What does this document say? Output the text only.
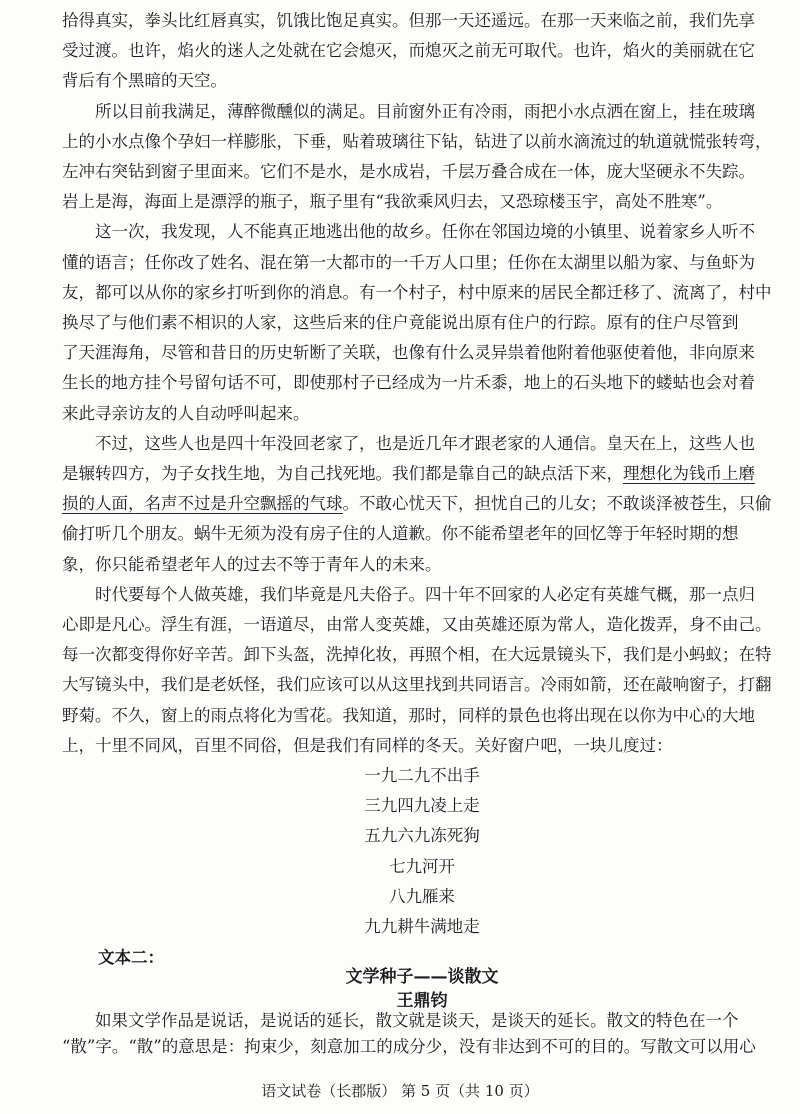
拾得真实，拳头比红唇真实，饥饿比饱足真实。但那一天还遥远。在那一天来临之前，我们先享
受过渡。也许，焰火的迷人之处就在它会熄灭，而熄灭之前无可取代。也许，焰火的美丽就在它
背后有个黑暗的天空。
所以目前我满足，薄醉微醺似的满足。目前窗外正有冷雨，雨把小水点洒在窗上，挂在玻璃
上的小水点像个孕妇一样膨胀，下垂，贴着玻璃往下钻，钻进了以前水滴流过的轨道就慌张转弯，
左冲右突钻到窗子里面来。它们不是水，是水成岩，千层万叠合成在一体，庞大坚硬永不失踪。
岩上是海，海面上是漂浮的瓶子，瓶子里有“我欲乘风归去，又恐琼楼玉宇，高处不胜寒”。
这一次，我发现，人不能真正地逃出他的故乡。任你在邻国边境的小镇里、说着家乡人听不
懂的语言；任你改了姓名、混在第一大都市的一千万人口里；任你在太湖里以船为家、与鱼虾为
友，都可以从你的家乡打听到你的消息。有一个村子，村中原来的居民全都迁移了、流离了，村中
换尽了与他们素不相识的人家，这些后来的住户竟能说出原有住户的行踪。原有的住户尽管到
了天涯海角，尽管和昔日的历史斩断了关联，也像有什么灵异祟着他附着他驱使着他，非向原来
生长的地方挂个号留句话不可，即使那村子已经成为一片禾黍，地上的石头地下的蝼蛄也会对着
来此寻亲访友的人自动呼叫起来。
不过，这些人也是四十年没回老家了，也是近几年才跟老家的人通信。皇天在上，这些人也
是辗转四方，为子女找生地，为自己找死地。我们都是靠自己的缺点活下来，理想化为钱币上磨
损的人面，名声不过是升空飘摇的气球。不敢心忧天下，担忧自己的儿女；不敢谈泽被苍生，只偷
偷打听几个朋友。蜗牛无须为没有房子住的人道歉。你不能希望老年的回忆等于年轻时期的想
象，你只能希望老年人的过去不等于青年人的未来。
时代要每个人做英雄，我们毕竟是凡夫俗子。四十年不回家的人必定有英雄气概，那一点归
心即是凡心。浮生有涯，一语道尽，由常人变英雄，又由英雄还原为常人，造化拨弄，身不由己。
每一次都变得你好辛苦。卸下头盔，洗掉化妆，再照个相，在大远景镜头下，我们是小蚂蚁；在特
大写镜头中，我们是老妖怪，我们应该可以从这里找到共同语言。冷雨如箭，还在敲响窗子，打翻
野菊。不久，窗上的雨点将化为雪花。我知道，那时，同样的景色也将出现在以你为中心的大地
上，十里不同风，百里不同俗，但是我们有同样的冬天。关好窗户吧，一块儿度过：
一九二九不出手
三九四九凌上走
五九六九冻死狗
七九河开
八九雁来
九九耕牛满地走
文本二：
文学种子——谈散文
王鼎钧
如果文学作品是说话，是说话的延长，散文就是谈天，是谈天的延长。散文的特色在一个
“散”字。“散”的意思是：拘束少，刻意加工的成分少，没有非达到不可的目的。写散文可以用心
语文试卷（长郡版） 第 5 页（共 10 页）
